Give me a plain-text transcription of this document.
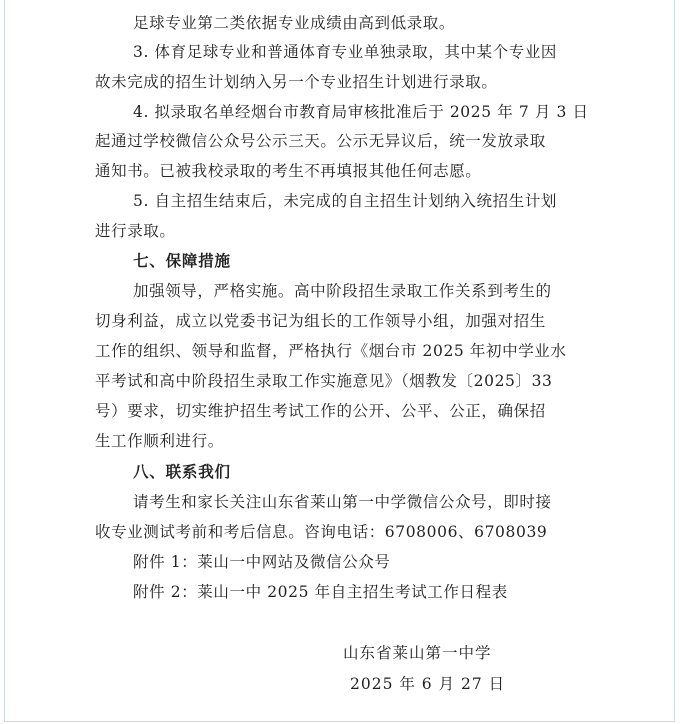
足球专业第二类依据专业成绩由高到低录取。
3. 体育足球专业和普通体育专业单独录取，其中某个专业因
故未完成的招生计划纳入另一个专业招生计划进行录取。
4. 拟录取名单经烟台市教育局审核批准后于 2025 年 7 月 3 日
起通过学校微信公众号公示三天。公示无异议后，统一发放录取
通知书。已被我校录取的考生不再填报其他任何志愿。
5. 自主招生结束后，未完成的自主招生计划纳入统招生计划
进行录取。
七、保障措施
加强领导，严格实施。高中阶段招生录取工作关系到考生的
切身利益，成立以党委书记为组长的工作领导小组，加强对招生
工作的组织、领导和监督，严格执行《烟台市 2025 年初中学业水
平考试和高中阶段招生录取工作实施意见》（烟教发〔2025〕33
号）要求，切实维护招生考试工作的公开、公平、公正，确保招
生工作顺利进行。
八、联系我们
请考生和家长关注山东省莱山第一中学微信公众号，即时接
收专业测试考前和考后信息。咨询电话：6708006、6708039
附件 1：莱山一中网站及微信公众号
附件 2：莱山一中 2025 年自主招生考试工作日程表
山东省莱山第一中学
2025 年 6 月 27 日
